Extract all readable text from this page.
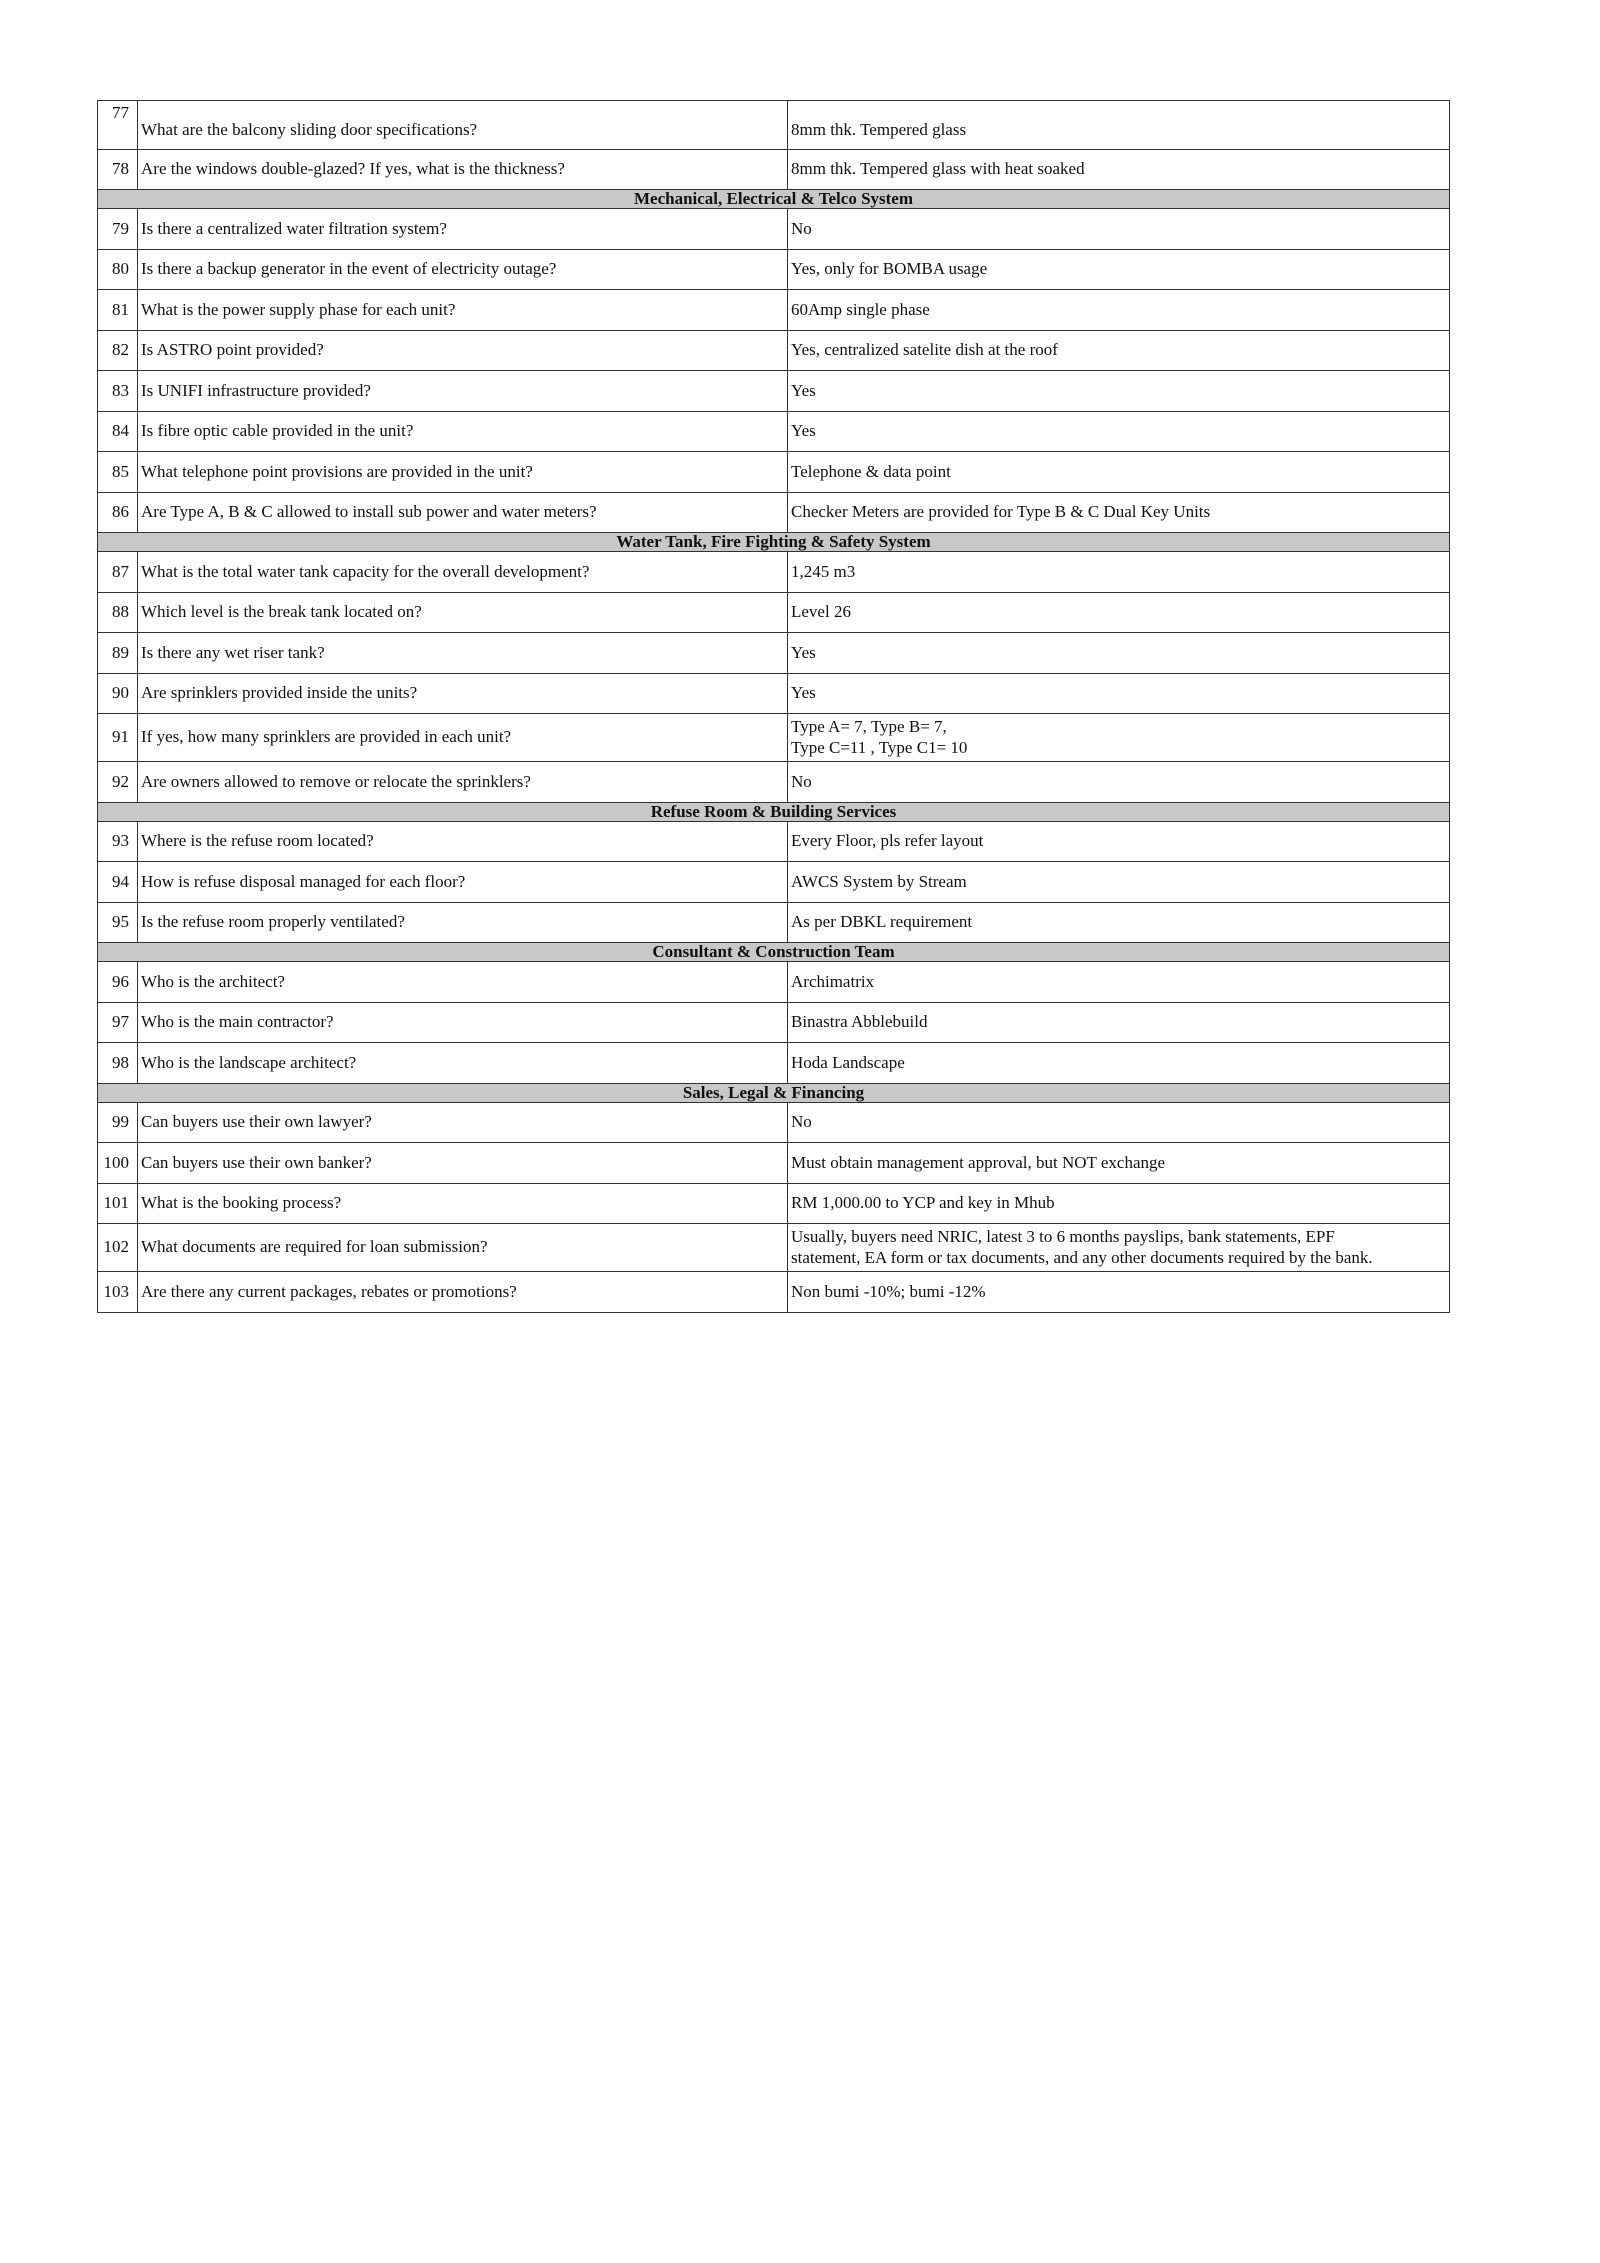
77	What are the balcony sliding door specifications?	8mm thk. Tempered glass

78	Are the windows double-glazed? If yes, what is the thickness?	8mm thk. Tempered glass with heat soaked

Mechanical, Electrical & Telco System		
79	Is there a centralized water filtration system?	No

80	Is there a backup generator in the event of electricity outage?	Yes, only for BOMBA usage

81	What is the power supply phase for each unit?	60Amp single phase

82	Is ASTRO point provided?	Yes, centralized satelite dish at the roof

83	Is UNIFI infrastructure provided?	Yes

84	Is fibre optic cable provided in the unit?	Yes

85	What telephone point provisions are provided in the unit?	Telephone & data point

86	Are Type A, B & C allowed to install sub power and water meters?	Checker Meters are provided for Type B & C Dual Key Units

Water Tank, Fire Fighting & Safety System		
87	What is the total water tank capacity for the overall development?	1,245 m3

88	Which level is the break tank located on?	Level 26

89	Is there any wet riser tank?	Yes

90	Are sprinklers provided inside the units?	Yes

91	If yes, how many sprinklers are provided in each unit?	Type A= 7, Type B= 7,
Type C=11 , Type C1= 10

92	Are owners allowed to remove or relocate the sprinklers?	No

Refuse Room & Building Services		
93	Where is the refuse room located?	Every Floor, pls refer layout

94	How is refuse disposal managed for each floor?	AWCS System by Stream

95	Is the refuse room properly ventilated?	As per DBKL requirement

Consultant & Construction Team		
96	Who is the architect?	Archimatrix

97	Who is the main contractor?	Binastra Abblebuild

98	Who is the landscape architect?	Hoda Landscape

Sales, Legal & Financing		
99	Can buyers use their own lawyer?	No

100	Can buyers use their own banker?	Must obtain management approval, but NOT exchange

101	What is the booking process?	RM 1,000.00 to YCP and key in Mhub

102	What documents are required for loan submission?	Usually, buyers need NRIC, latest 3 to 6 months payslips, bank statements, EPF
statement, EA form or tax documents, and any other documents required by the bank.

103	Are there any current packages, rebates or promotions?	Non bumi -10%; bumi -12%
